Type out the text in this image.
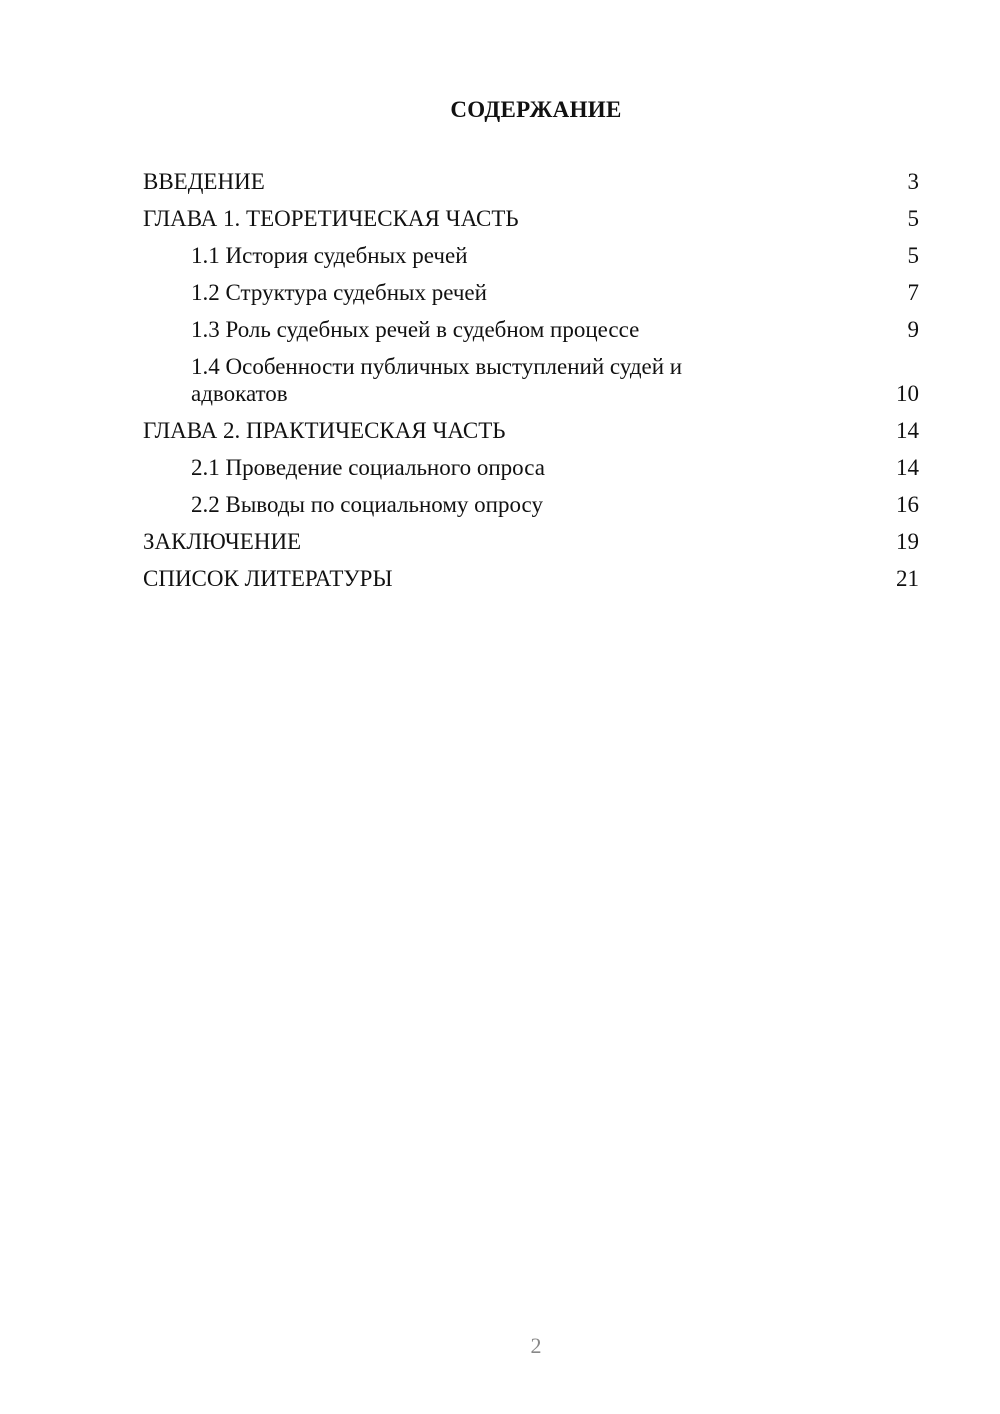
СОДЕРЖАНИЕ
ВВЕДЕНИЕ	3
ГЛАВА 1. ТЕОРЕТИЧЕСКАЯ ЧАСТЬ	5
1.1 История судебных речей	5
1.2 Структура судебных речей	7
1.3 Роль судебных речей в судебном процессе	9
1.4 Особенности публичных выступлений судей и адвокатов	10
ГЛАВА 2. ПРАКТИЧЕСКАЯ ЧАСТЬ	14
2.1 Проведение социального опроса	14
2.2 Выводы по социальному опросу	16
ЗАКЛЮЧЕНИЕ	19
СПИСОК ЛИТЕРАТУРЫ	21
2
